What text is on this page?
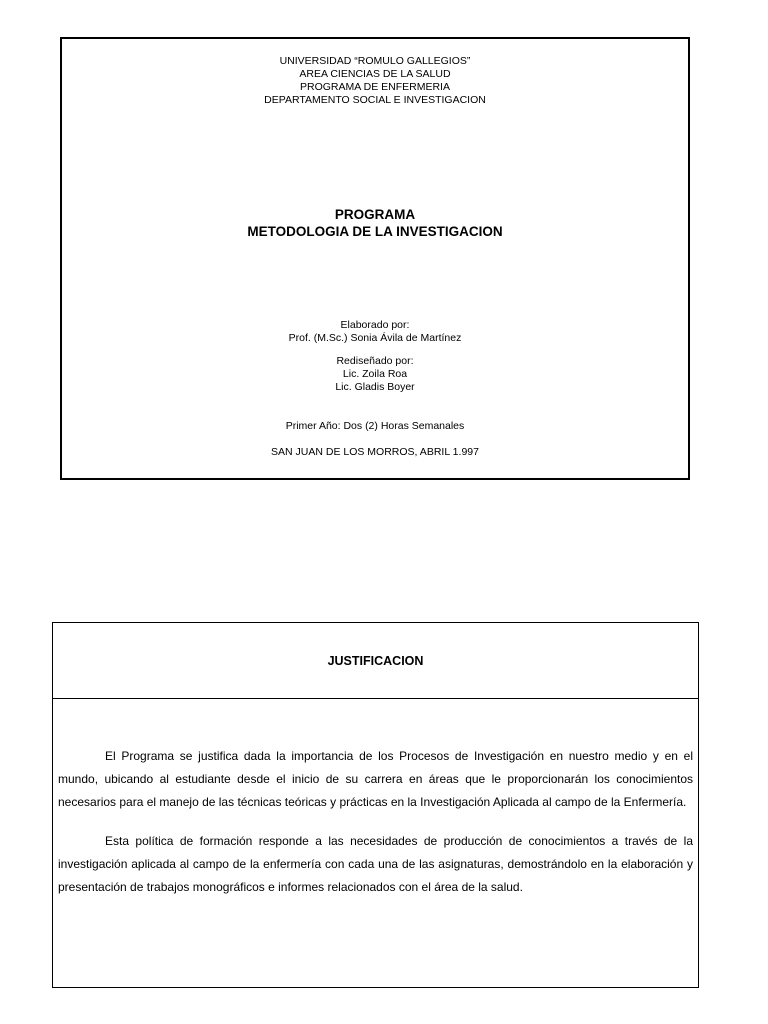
UNIVERSIDAD “ROMULO GALLEGIOS”
AREA CIENCIAS DE LA SALUD
PROGRAMA DE ENFERMERIA
DEPARTAMENTO SOCIAL E INVESTIGACION
PROGRAMA
METODOLOGIA DE LA INVESTIGACION
Elaborado por:
Prof. (M.Sc.) Sonia Ávila de Martínez
Rediseñado por:
Lic. Zoila Roa
Lic. Gladis Boyer
Primer Año: Dos (2) Horas Semanales
SAN JUAN DE LOS MORROS, ABRIL 1.997
JUSTIFICACION

El Programa se justifica dada la importancia de los Procesos de Investigación en nuestro medio y en el mundo, ubicando al estudiante desde el inicio de su carrera en áreas que le proporcionarán los conocimientos necesarios para el manejo de las técnicas teóricas y prácticas en la Investigación Aplicada al campo de la Enfermería.

Esta política de formación responde a las necesidades de producción de conocimientos a través de la investigación aplicada al campo de la enfermería con cada una de las asignaturas, demostrándolo en la elaboración y presentación de trabajos monográficos e informes relacionados con el área de la salud.
